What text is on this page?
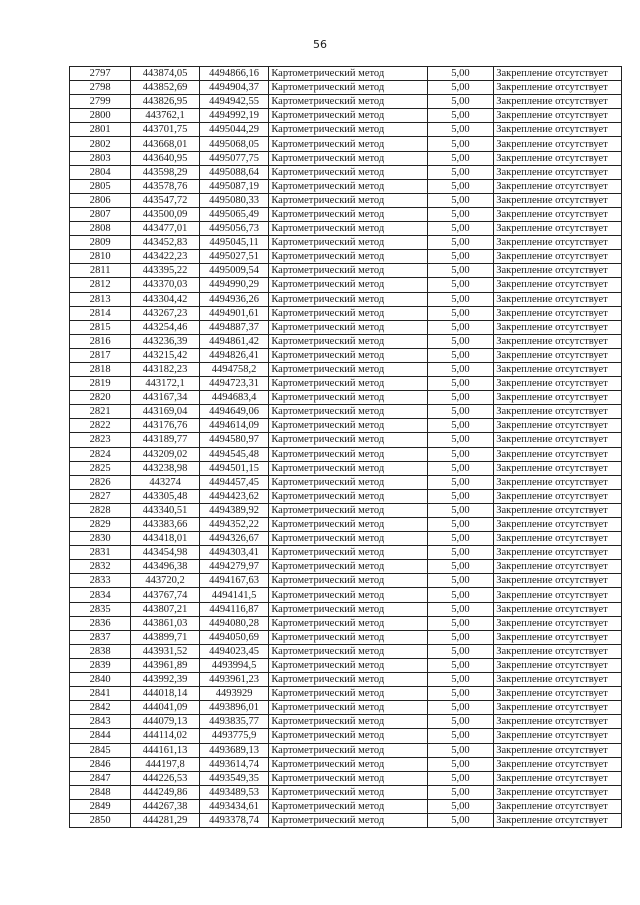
56
2797	443874,05	4494866,16	Картометрический метод	5,00	Закрепление отсутствует
2798	443852,69	4494904,37	Картометрический метод	5,00	Закрепление отсутствует
2799	443826,95	4494942,55	Картометрический метод	5,00	Закрепление отсутствует
2800	443762,1	4494992,19	Картометрический метод	5,00	Закрепление отсутствует
2801	443701,75	4495044,29	Картометрический метод	5,00	Закрепление отсутствует
2802	443668,01	4495068,05	Картометрический метод	5,00	Закрепление отсутствует
2803	443640,95	4495077,75	Картометрический метод	5,00	Закрепление отсутствует
2804	443598,29	4495088,64	Картометрический метод	5,00	Закрепление отсутствует
2805	443578,76	4495087,19	Картометрический метод	5,00	Закрепление отсутствует
2806	443547,72	4495080,33	Картометрический метод	5,00	Закрепление отсутствует
2807	443500,09	4495065,49	Картометрический метод	5,00	Закрепление отсутствует
2808	443477,01	4495056,73	Картометрический метод	5,00	Закрепление отсутствует
2809	443452,83	4495045,11	Картометрический метод	5,00	Закрепление отсутствует
2810	443422,23	4495027,51	Картометрический метод	5,00	Закрепление отсутствует
2811	443395,22	4495009,54	Картометрический метод	5,00	Закрепление отсутствует
2812	443370,03	4494990,29	Картометрический метод	5,00	Закрепление отсутствует
2813	443304,42	4494936,26	Картометрический метод	5,00	Закрепление отсутствует
2814	443267,23	4494901,61	Картометрический метод	5,00	Закрепление отсутствует
2815	443254,46	4494887,37	Картометрический метод	5,00	Закрепление отсутствует
2816	443236,39	4494861,42	Картометрический метод	5,00	Закрепление отсутствует
2817	443215,42	4494826,41	Картометрический метод	5,00	Закрепление отсутствует
2818	443182,23	4494758,2	Картометрический метод	5,00	Закрепление отсутствует
2819	443172,1	4494723,31	Картометрический метод	5,00	Закрепление отсутствует
2820	443167,34	4494683,4	Картометрический метод	5,00	Закрепление отсутствует
2821	443169,04	4494649,06	Картометрический метод	5,00	Закрепление отсутствует
2822	443176,76	4494614,09	Картометрический метод	5,00	Закрепление отсутствует
2823	443189,77	4494580,97	Картометрический метод	5,00	Закрепление отсутствует
2824	443209,02	4494545,48	Картометрический метод	5,00	Закрепление отсутствует
2825	443238,98	4494501,15	Картометрический метод	5,00	Закрепление отсутствует
2826	443274	4494457,45	Картометрический метод	5,00	Закрепление отсутствует
2827	443305,48	4494423,62	Картометрический метод	5,00	Закрепление отсутствует
2828	443340,51	4494389,92	Картометрический метод	5,00	Закрепление отсутствует
2829	443383,66	4494352,22	Картометрический метод	5,00	Закрепление отсутствует
2830	443418,01	4494326,67	Картометрический метод	5,00	Закрепление отсутствует
2831	443454,98	4494303,41	Картометрический метод	5,00	Закрепление отсутствует
2832	443496,38	4494279,97	Картометрический метод	5,00	Закрепление отсутствует
2833	443720,2	4494167,63	Картометрический метод	5,00	Закрепление отсутствует
2834	443767,74	4494141,5	Картометрический метод	5,00	Закрепление отсутствует
2835	443807,21	4494116,87	Картометрический метод	5,00	Закрепление отсутствует
2836	443861,03	4494080,28	Картометрический метод	5,00	Закрепление отсутствует
2837	443899,71	4494050,69	Картометрический метод	5,00	Закрепление отсутствует
2838	443931,52	4494023,45	Картометрический метод	5,00	Закрепление отсутствует
2839	443961,89	4493994,5	Картометрический метод	5,00	Закрепление отсутствует
2840	443992,39	4493961,23	Картометрический метод	5,00	Закрепление отсутствует
2841	444018,14	4493929	Картометрический метод	5,00	Закрепление отсутствует
2842	444041,09	4493896,01	Картометрический метод	5,00	Закрепление отсутствует
2843	444079,13	4493835,77	Картометрический метод	5,00	Закрепление отсутствует
2844	444114,02	4493775,9	Картометрический метод	5,00	Закрепление отсутствует
2845	444161,13	4493689,13	Картометрический метод	5,00	Закрепление отсутствует
2846	444197,8	4493614,74	Картометрический метод	5,00	Закрепление отсутствует
2847	444226,53	4493549,35	Картометрический метод	5,00	Закрепление отсутствует
2848	444249,86	4493489,53	Картометрический метод	5,00	Закрепление отсутствует
2849	444267,38	4493434,61	Картометрический метод	5,00	Закрепление отсутствует
2850	444281,29	4493378,74	Картометрический метод	5,00	Закрепление отсутствует
